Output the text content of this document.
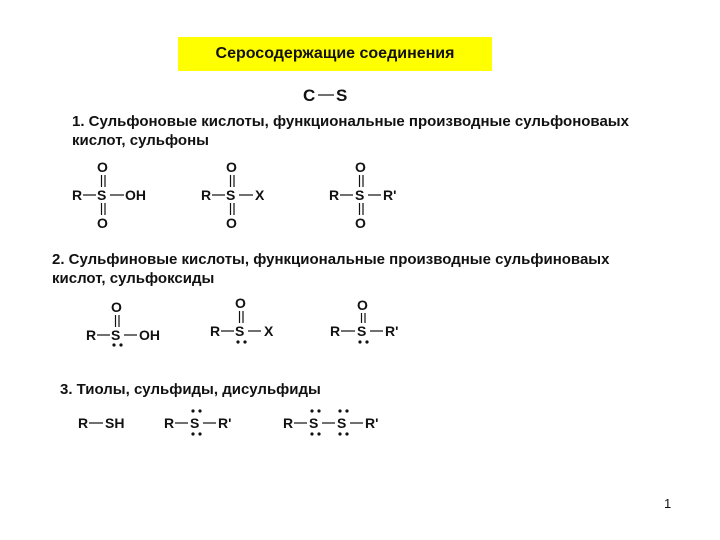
Серосодержащие соединения
1. Сульфоновые кислоты, функциональные производные сульфоноваых
кислот, сульфоны
2. Сульфиновые кислоты, функциональные производные сульфиноваых
кислот, сульфоксиды
3. Тиолы, сульфиды, дисульфиды
1
C S
R S OH
O
O
R S X
O
O
R S R'
O
O
R S OH
O
R S X
O
R S R'
O
R SH	R S R'	R S S R'
